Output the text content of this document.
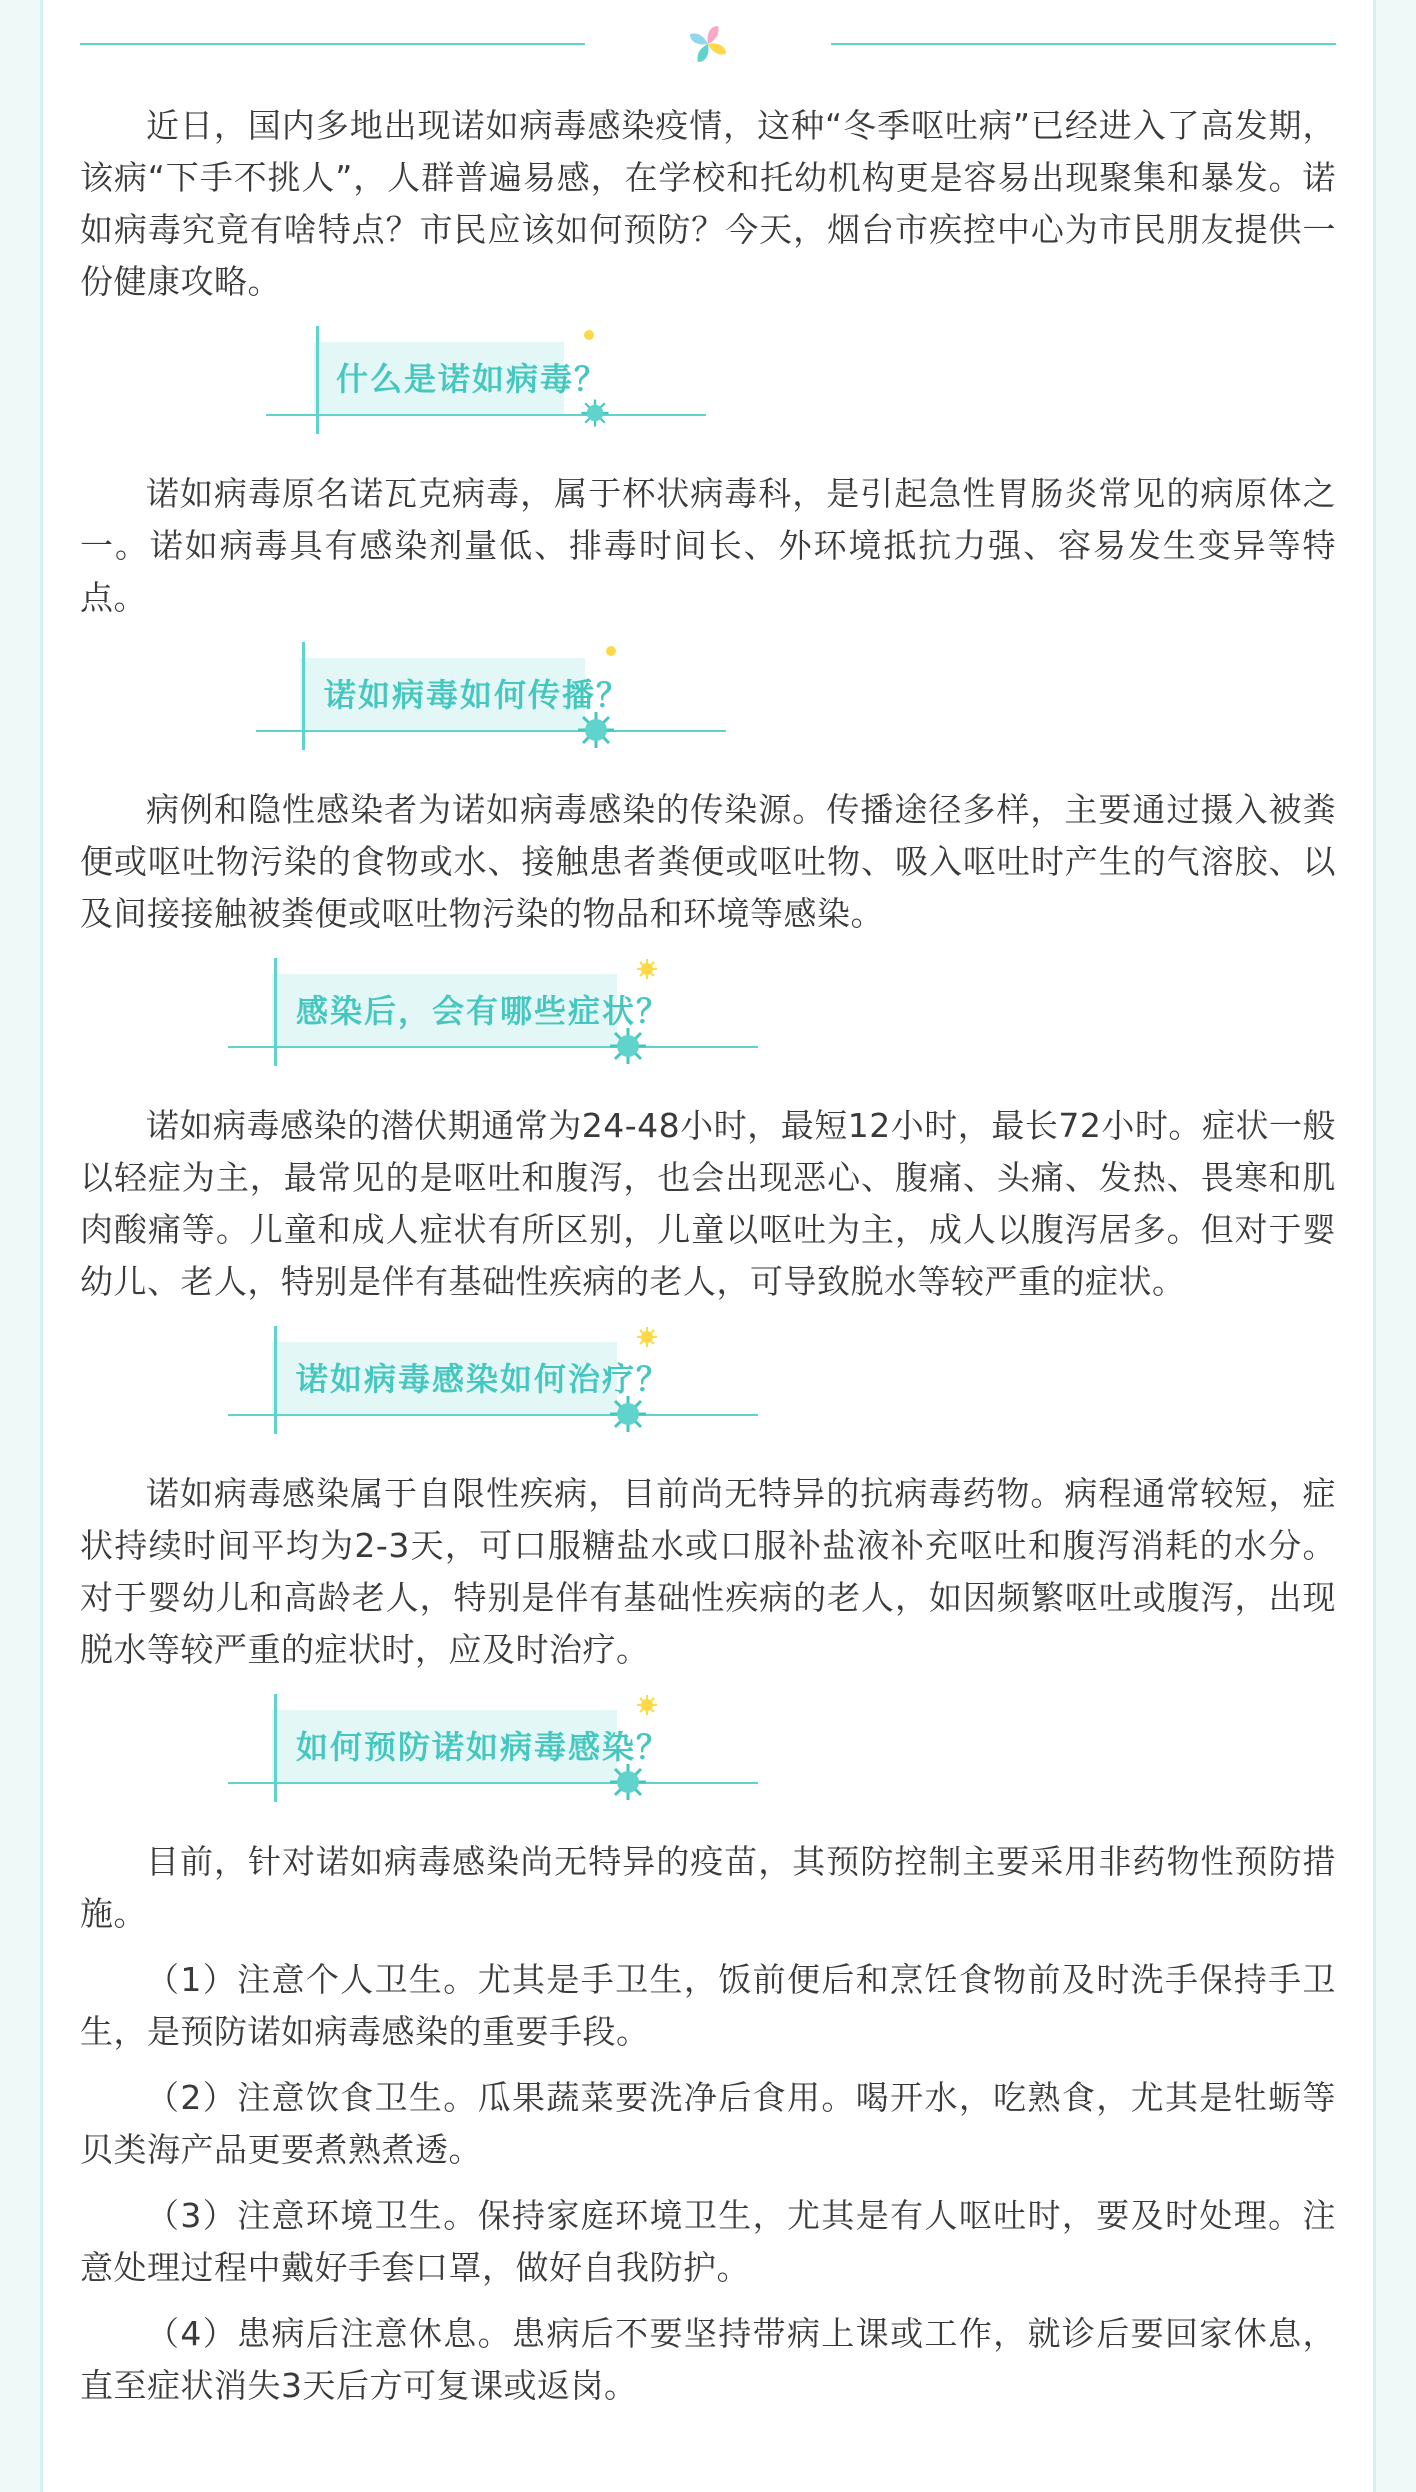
近日，国内多地出现诺如病毒感染疫情，这种“冬季呕吐病”已经进入了高发期，该病“下手不挑人”，人群普遍易感，在学校和托幼机构更是容易出现聚集和暴发。诺如病毒究竟有啥特点？市民应该如何预防？今天，烟台市疾控中心为市民朋友提供一份健康攻略。

什么是诺如病毒？

诺如病毒原名诺瓦克病毒，属于杯状病毒科，是引起急性胃肠炎常见的病原体之一。诺如病毒具有感染剂量低、排毒时间长、外环境抵抗力强、容易发生变异等特点。

诺如病毒如何传播？

病例和隐性感染者为诺如病毒感染的传染源。传播途径多样，主要通过摄入被粪便或呕吐物污染的食物或水、接触患者粪便或呕吐物、吸入呕吐时产生的气溶胶、以及间接接触被粪便或呕吐物污染的物品和环境等感染。

感染后，会有哪些症状？

诺如病毒感染的潜伏期通常为24-48小时，最短12小时，最长72小时。症状一般以轻症为主，最常见的是呕吐和腹泻，也会出现恶心、腹痛、头痛、发热、畏寒和肌肉酸痛等。儿童和成人症状有所区别，儿童以呕吐为主，成人以腹泻居多。但对于婴幼儿、老人，特别是伴有基础性疾病的老人，可导致脱水等较严重的症状。

诺如病毒感染如何治疗？

诺如病毒感染属于自限性疾病，目前尚无特异的抗病毒药物。病程通常较短，症状持续时间平均为2-3天，可口服糖盐水或口服补盐液补充呕吐和腹泻消耗的水分。对于婴幼儿和高龄老人，特别是伴有基础性疾病的老人，如因频繁呕吐或腹泻，出现脱水等较严重的症状时，应及时治疗。

如何预防诺如病毒感染？

目前，针对诺如病毒感染尚无特异的疫苗，其预防控制主要采用非药物性预防措施。

（1）注意个人卫生。尤其是手卫生，饭前便后和烹饪食物前及时洗手保持手卫生，是预防诺如病毒感染的重要手段。

（2）注意饮食卫生。瓜果蔬菜要洗净后食用。喝开水，吃熟食，尤其是牡蛎等贝类海产品更要煮熟煮透。

（3）注意环境卫生。保持家庭环境卫生，尤其是有人呕吐时，要及时处理。注意处理过程中戴好手套口罩，做好自我防护。

（4）患病后注意休息。患病后不要坚持带病上课或工作，就诊后要回家休息，直至症状消失3天后方可复课或返岗。
